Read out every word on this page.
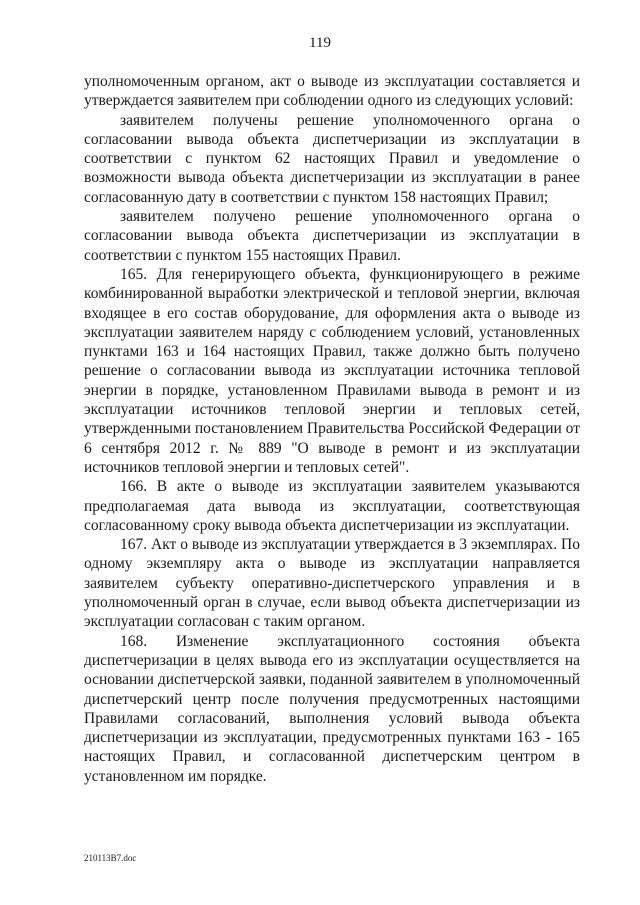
119

уполномоченным органом, акт о выводе из эксплуатации составляется и утверждается заявителем при соблюдении одного из следующих условий:

заявителем получены решение уполномоченного органа о согласовании вывода объекта диспетчеризации из эксплуатации в соответствии с пунктом 62 настоящих Правил и уведомление о возможности вывода объекта диспетчеризации из эксплуатации в ранее согласованную дату в соответствии с пунктом 158 настоящих Правил;

заявителем получено решение уполномоченного органа о согласовании вывода объекта диспетчеризации из эксплуатации в соответствии с пунктом 155 настоящих Правил.

165. Для генерирующего объекта, функционирующего в режиме комбинированной выработки электрической и тепловой энергии, включая входящее в его состав оборудование, для оформления акта о выводе из эксплуатации заявителем наряду с соблюдением условий, установленных пунктами 163 и 164 настоящих Правил, также должно быть получено решение о согласовании вывода из эксплуатации источника тепловой энергии в порядке, установленном Правилами вывода в ремонт и из эксплуатации источников тепловой энергии и тепловых сетей, утвержденными постановлением Правительства Российской Федерации от 6 сентября 2012 г. № 889 "О выводе в ремонт и из эксплуатации источников тепловой энергии и тепловых сетей".

166. В акте о выводе из эксплуатации заявителем указываются предполагаемая дата вывода из эксплуатации, соответствующая согласованному сроку вывода объекта диспетчеризации из эксплуатации.

167. Акт о выводе из эксплуатации утверждается в 3 экземплярах. По одному экземпляру акта о выводе из эксплуатации направляется заявителем субъекту оперативно-диспетчерского управления и в уполномоченный орган в случае, если вывод объекта диспетчеризации из эксплуатации согласован с таким органом.

168. Изменение эксплуатационного состояния объекта диспетчеризации в целях вывода его из эксплуатации осуществляется на основании диспетчерской заявки, поданной заявителем в уполномоченный диспетчерский центр после получения предусмотренных настоящими Правилами согласований, выполнения условий вывода объекта диспетчеризации из эксплуатации, предусмотренных пунктами 163 - 165 настоящих Правил, и согласованной диспетчерским центром в установленном им порядке.

210113B7.doc
